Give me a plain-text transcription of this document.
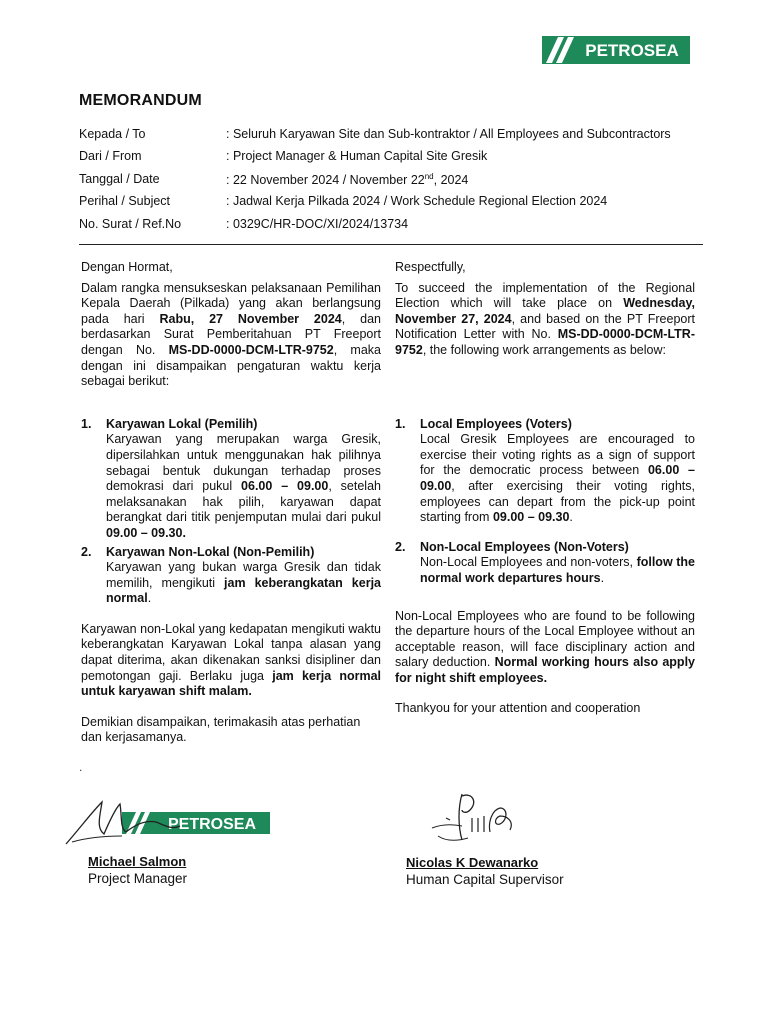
PETROSEA
MEMORANDUM
Kepada / To	: Seluruh Karyawan Site dan Sub-kontraktor / All Employees and Subcontractors
Dari / From	: Project Manager & Human Capital Site Gresik
Tanggal / Date	: 22 November 2024 / November 22nd, 2024
Perihal / Subject	: Jadwal Kerja Pilkada 2024 / Work Schedule Regional Election 2024
No. Surat / Ref.No	: 0329C/HR-DOC/XI/2024/13734

Dengan Hormat,

Dalam rangka mensukseskan pelaksanaan Pemilihan Kepala Daerah (Pilkada) yang akan berlangsung pada hari Rabu, 27 November 2024, dan berdasarkan Surat Pemberitahuan PT Freeport dengan No. MS-DD-0000-DCM-LTR-9752, maka dengan ini disampaikan pengaturan waktu kerja sebagai berikut:

1. Karyawan Lokal (Pemilih)
Karyawan yang merupakan warga Gresik, dipersilahkan untuk menggunakan hak pilihnya sebagai bentuk dukungan terhadap proses demokrasi dari pukul 06.00 – 09.00, setelah melaksanakan hak pilih, karyawan dapat berangkat dari titik penjemputan mulai dari pukul 09.00 – 09.30.
2. Karyawan Non-Lokal (Non-Pemilih)
Karyawan yang bukan warga Gresik dan tidak memilih, mengikuti jam keberangkatan kerja normal.

Karyawan non-Lokal yang kedapatan mengikuti waktu keberangkatan Karyawan Lokal tanpa alasan yang dapat diterima, akan dikenakan sanksi disipliner dan pemotongan gaji. Berlaku juga jam kerja normal untuk karyawan shift malam.

Demikian disampaikan, terimakasih atas perhatian dan kerjasamanya.

Respectfully,

To succeed the implementation of the Regional Election which will take place on Wednesday, November 27, 2024, and based on the PT Freeport Notification Letter with No. MS-DD-0000-DCM-LTR-9752, the following work arrangements as below:

1. Local Employees (Voters)
Local Gresik Employees are encouraged to exercise their voting rights as a sign of support for the democratic process between 06.00 – 09.00, after exercising their voting rights, employees can depart from the pick-up point starting from 09.00 – 09.30.
2. Non-Local Employees (Non-Voters)
Non-Local Employees and non-voters, follow the normal work departures hours.

Non-Local Employees who are found to be following the departure hours of the Local Employee without an acceptable reason, will face disciplinary action and salary deduction. Normal working hours also apply for night shift employees.

Thankyou for your attention and cooperation

.
PETROSEA
Michael Salmon
Project Manager
Nicolas K Dewanarko
Human Capital Supervisor
